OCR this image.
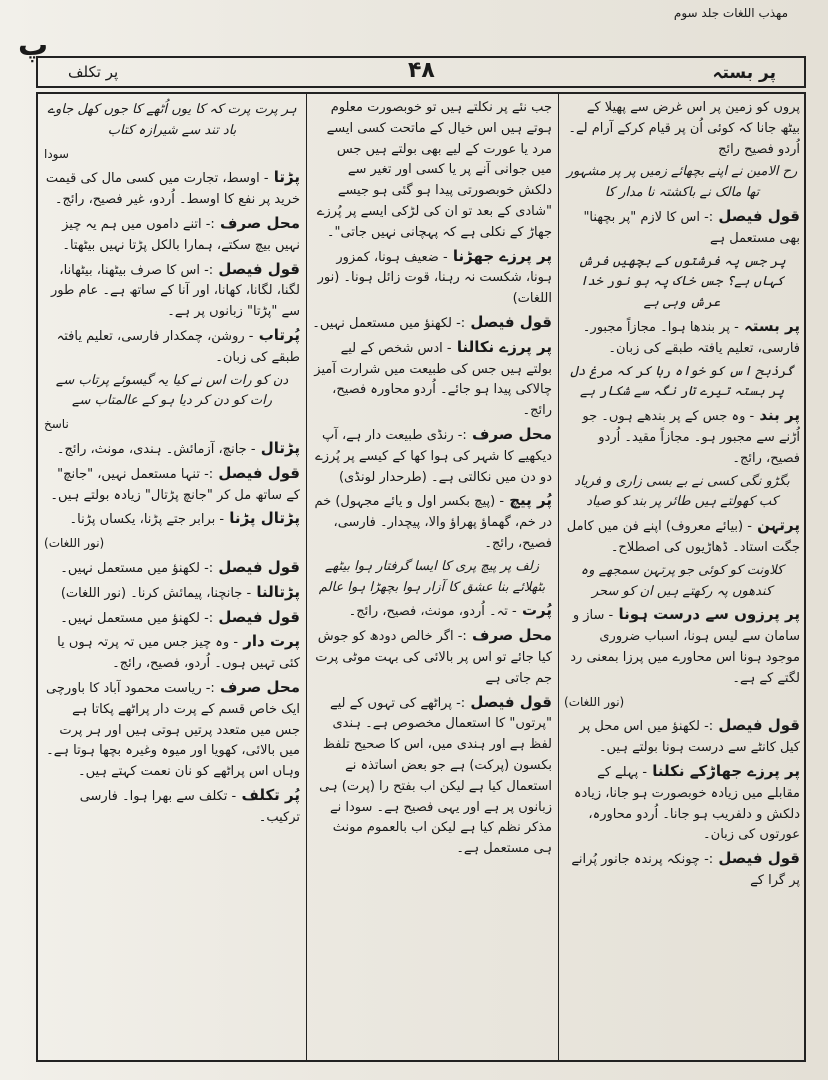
مهذب اللغات جلد سوم
پ
پر تکلف	۴۸	پر بستہ
پروں کو زمین پر اس غرض سے پھیلا کے بیٹھ جانا کہ کوئی اُن پر قیام کرکے آرام لے۔ اُردو فصیح رائج
رح الامین نے اپنے بچھائے زمیں پر پر مشہور تھا مالک نے باکشتہ نا مدار کا
قول فیصل :- اس کا لازم "پر بچھنا" بھی مستعمل ہے
پر جس پہ فرشتوں کے بچھیں فرش کہاں ہے؟ جس خاک پہ ہو نور خدا عرش وہی ہے
پر بستہ - پر بندھا ہوا۔ مجازاً مجبور۔ فارسی، تعلیم یافتہ طبقے کی زبان۔
گرذبح اس کو خواہ رہا کر کہ مرغ دل پر بستہ تیرے تار نگہ سے شکار ہے
پر بند - وہ جس کے پر بندھے ہوں۔ جو اُڑنے سے مجبور ہو۔ مجازاً مقید۔ اُردو فصیح، رائج۔
بگڑو نگی کسی نے بے بسی زاری و فریاد کب کھولتے ہیں طائر پر بند کو صیاد
پرتہن - (بیائے معروف) اپنے فن میں کامل جگت استاد۔ ڈھاڑیوں کی اصطلاح۔
کلاونت کو کوئی جو پرتہن سمجھے وہ کندھوں پہ رکھتے ہیں ان کو سحر
پر پرزوں سے درست ہونا - ساز و سامان سے لیس ہونا، اسباب ضروری موجود ہونا اس محاورے میں پرزا بمعنی رد لگتے کے ہے۔
(نور اللغات)
قول فیصل :- لکھنؤ میں اس محل پر کیل کانٹے سے درست ہونا بولتے ہیں۔
پر پرزے جھاڑکے نکلنا - پہلے کے مقابلے میں زیادہ خوبصورت ہو جانا، زیادہ دلکش و دلفریب ہو جانا۔ اُردو محاورہ، عورتوں کی زبان۔
قول فیصل :- چونکہ پرندہ جانور پُرانے پر گرا کے
جب نئے پر نکلتے ہیں تو خوبصورت معلوم ہوتے ہیں اس خیال کے ماتحت کسی ایسے مرد یا عورت کے لیے بھی بولتے ہیں جس میں جوانی آنے پر یا کسی اور تغیر سے دلکش خوبصورتی پیدا ہو گئی ہو جیسے "شادی کے بعد تو ان کی لڑکی ایسے پر پُرزے جھاڑ کے نکلی ہے کہ پہچانی نہیں جاتی"۔
پر پرزے جھڑنا - ضعیف ہونا، کمزور ہونا، شکست نہ رہنا، قوت زائل ہونا۔ (نور اللغات)
قول فیصل :- لکھنؤ میں مستعمل نہیں۔
پر پرزے نکالنا - ادس شخص کے لیے بولتے ہیں جس کی طبیعت میں شرارت آمیز چالاکی پیدا ہو جائے۔ اُردو محاورہ فصیح، رائج۔
محل صرف :- رنڈی طبیعت دار ہے، آپ دیکھیے کا شہر کی ہوا کھا کے کیسے پر پُرزے دو دن میں نکالتی ہے۔ (طرحدار لونڈی)
پُر پیچ - (پیچ بکسر اول و یائے مجہول) خم در خم، گھماؤ پھراؤ والا، پیچدار۔ فارسی، فصیح، رائج۔
زلف پر پیچ پری کا ایسا گرفتار ہوا بیٹھے بٹھلائے بنا عشق کا آزار ہوا بچھڑا ہوا عالم
پُرت - تہ۔ اُردو، مونث، فصیح، رائج۔
محل صرف :- اگر خالص دودھ کو جوش کیا جائے تو اس پر بالائی کی بہت موٹی پرت جم جاتی ہے
قول فیصل :- پراٹھے کی تہوں کے لیے "پرتوں" کا استعمال مخصوص ہے۔ ہندی لفظ ہے اور ہندی میں، اس کا صحیح تلفظ بکسون (پرکت) ہے جو بعض اساتذہ نے استعمال کیا ہے لیکن اب بفتح را (پرت) ہی زبانوں پر ہے اور یہی فصیح ہے۔ سودا نے مذکر نظم کیا ہے لیکن اب بالعموم مونث ہی مستعمل ہے۔
ہر پرت پرت کہ کا یوں اُٹھے کا جوں کھل جاوے باد تند سے شیرازہ کتاب
سودا
پڑتا - اوسط، تجارت میں کسی مال کی قیمت خرید پر نفع کا اوسط۔ اُردو، غیر فصیح، رائج۔
محل صرف :- اتنے داموں میں ہم یہ چیز نہیں بیچ سکتے، ہمارا بالکل پڑتا نہیں بیٹھتا۔
قول فیصل :- اس کا صرف بیٹھنا، بیٹھانا، لگنا، لگانا، کھانا، اور آنا کے ساتھ ہے۔ عام طور سے "پڑتا" زبانوں پر ہے۔
پُرتاب - روشن، چمکدار فارسی، تعلیم یافتہ طبقے کی زبان۔
دن کو رات اس نے کیا یہ گیسوئے پرتاب سے رات کو دن کر دیا ہو کے عالمتاب سے
ناسخ
پڑتال - جانچ، آزمائش۔ ہندی، مونث، رائج۔
قول فیصل :- تنہا مستعمل نہیں، "جانچ" کے ساتھ مل کر "جانچ پڑتال" زیادہ بولتے ہیں۔
پڑتال پڑنا - برابر جتے پڑنا، یکساں پڑنا۔
(نور اللغات)
قول فیصل :- لکھنؤ میں مستعمل نہیں۔
پڑتالنا - جانچنا، پیمائش کرنا۔ (نور اللغات)
قول فیصل :- لکھنؤ میں مستعمل نہیں۔
پرت دار - وہ چیز جس میں تہ پرتہ ہوں یا کئی تہیں ہوں۔ اُردو، فصیح، رائج۔
محل صرف :- ریاست محمود آباد کا باورچی ایک خاص قسم کے پرت دار پراٹھے پکاتا ہے جس میں متعدد پرتیں ہوتی ہیں اور ہر پرت میں بالائی، کھویا اور میوہ وغیرہ بچھا ہوتا ہے۔ وہاں اس پراٹھے کو نان نعمت کہتے ہیں۔
پُر تکلف - تکلف سے بھرا ہوا۔ فارسی ترکیب۔
